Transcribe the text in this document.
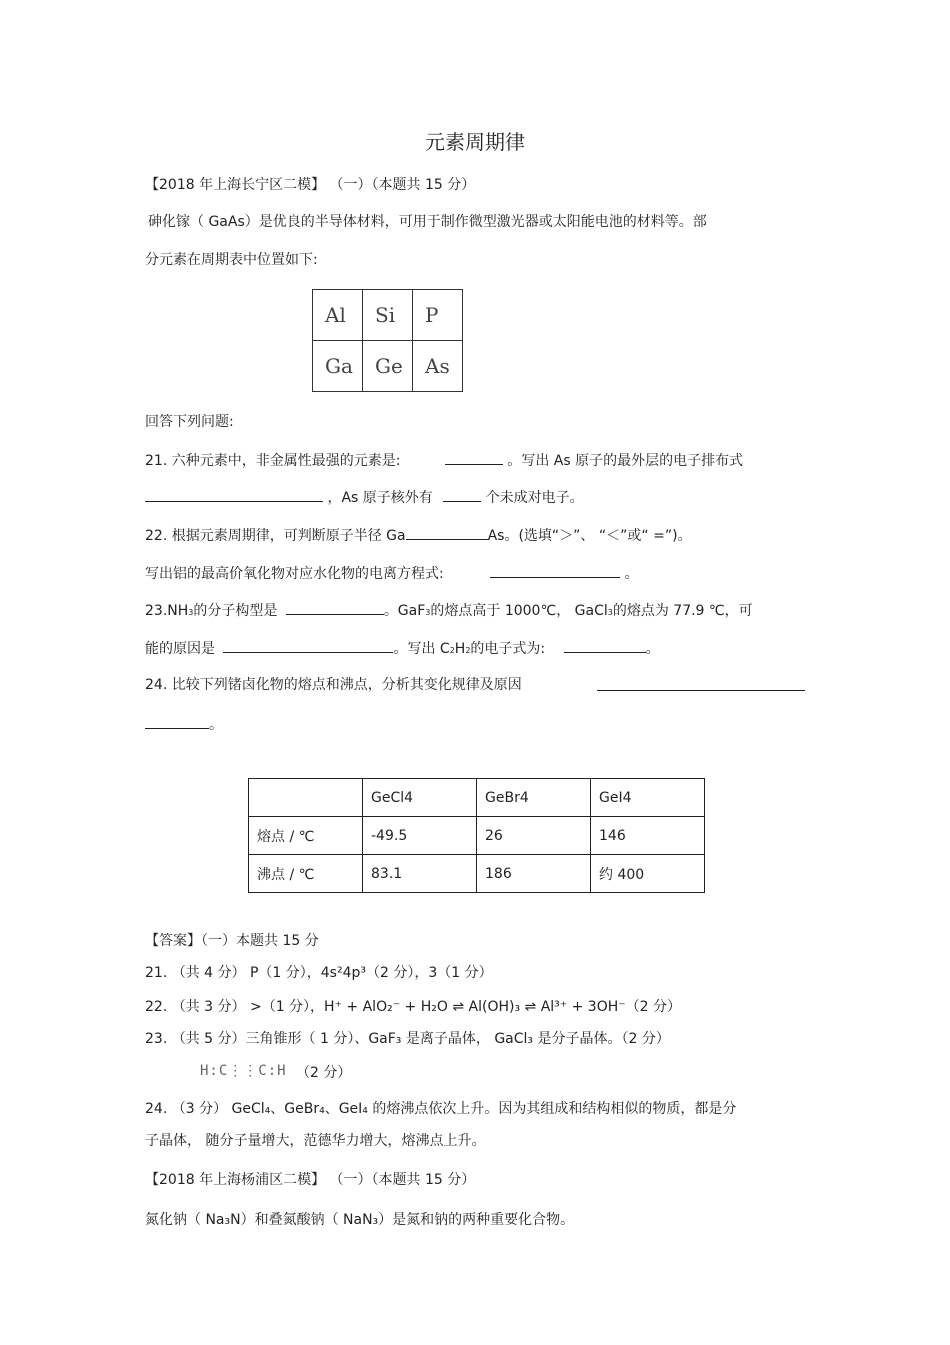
元素周期律
【2018 年上海长宁区二模】 （一）（本题共 15 分）
砷化镓（ GaAs）是优良的半导体材料，可用于制作微型激光器或太阳能电池的材料等。部
分元素在周期表中位置如下:
Al	Si	P
Ga	Ge	As
回答下列问题:
21. 六种元素中，非金属性最强的元素是:	。写出 As 原子的最外层的电子排布式
，As 原子核外有	个未成对电子。
22. 根据元素周期律，可判断原子半径 Ga	As。(选填“＞”、 “＜”或“ =”)。
写出铝的最高价氧化物对应水化物的电离方程式:	。
23.NH3的分子构型是	。GaF3的熔点高于 1000℃， GaCl3的熔点为 77.9 ℃，可
能的原因是	。写出 C2H2的电子式为:	。
24. 比较下列锗卤化物的熔点和沸点，分析其变化规律及原因
。
	GeCl4	GeBr4	GeI4
熔点 / ℃	-49.5	26	146
沸点 / ℃	83.1	186	约 400
【答案】（一）本题共 15 分
21. （共 4 分） P（1 分），4s²4p³（2 分），3（1 分）
22. （共 3 分） >（1 分），H⁺ + AlO₂⁻ + H₂O ⇌ Al(OH)₃ ⇌ Al³⁺ + 3OH⁻（2 分）
23. （共 5 分）三角锥形（ 1 分）、GaF₃ 是离子晶体， GaCl₃ 是分子晶体。（2 分）
H:C⋮⋮C:H （2 分）
24. （3 分） GeCl₄、GeBr₄、GeI₄ 的熔沸点依次上升。因为其组成和结构相似的物质，都是分
子晶体， 随分子量增大，范德华力增大，熔沸点上升。
【2018 年上海杨浦区二模】 （一）（本题共 15 分）
氮化钠（ Na₃N）和叠氮酸钠（ NaN₃）是氮和钠的两种重要化合物。
